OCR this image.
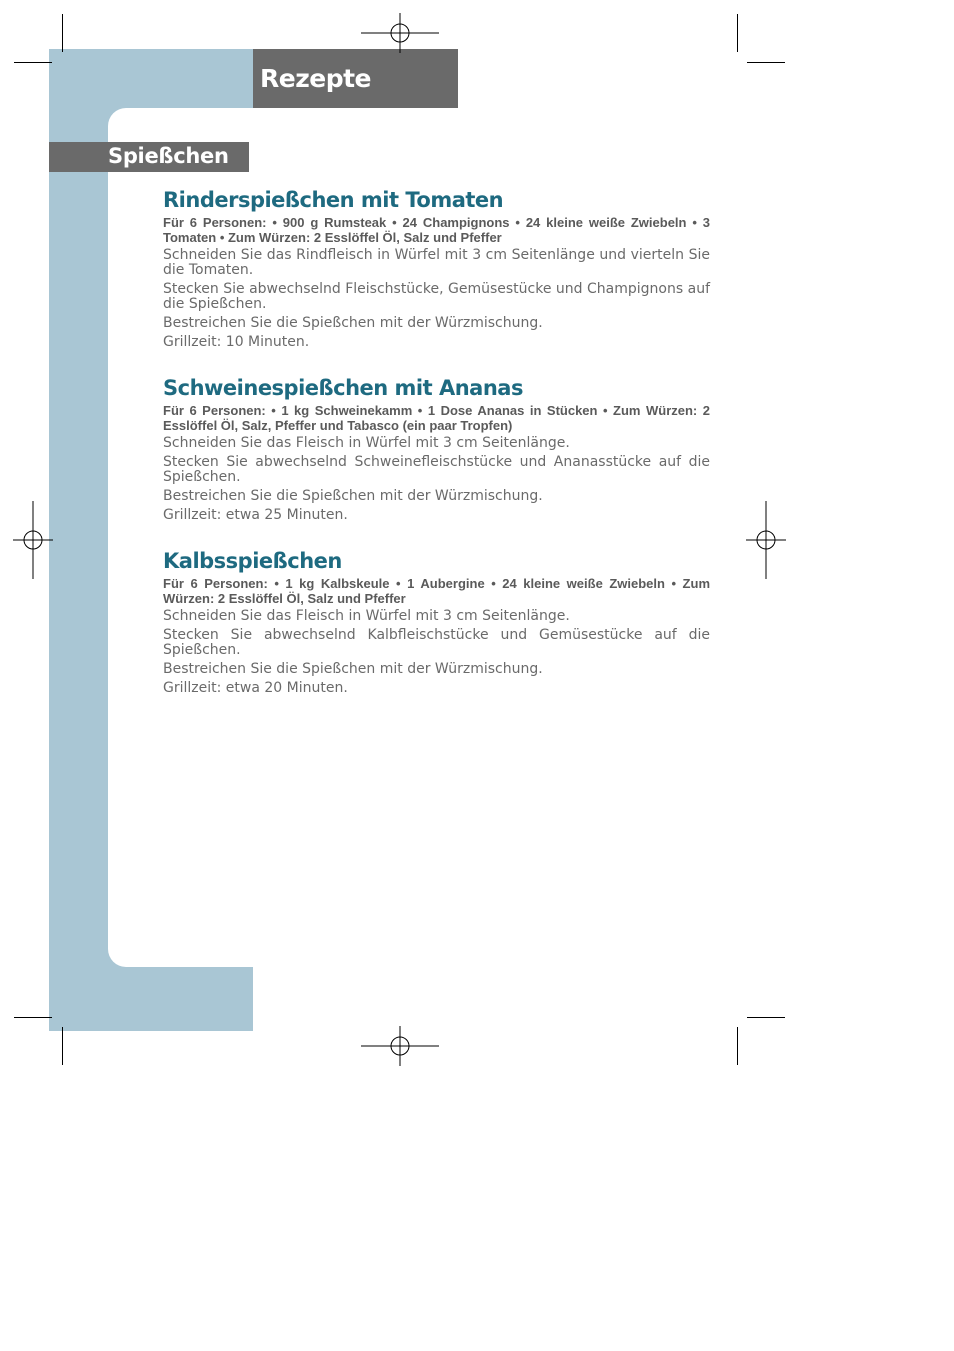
Rezepte
Spießchen
Rinderspießchen mit Tomaten
Für 6 Personen: • 900 g Rumsteak • 24 Champignons • 24 kleine weiße Zwiebeln • 3 Tomaten • Zum Würzen: 2 Esslöffel Öl, Salz und Pfeffer
Schneiden Sie das Rindfleisch in Würfel mit 3 cm Seitenlänge und vierteln Sie die Tomaten.
Stecken Sie abwechselnd Fleischstücke, Gemüsestücke und Champignons auf die Spießchen.
Bestreichen Sie die Spießchen mit der Würzmischung.
Grillzeit: 10 Minuten.
Schweinespießchen mit Ananas
Für 6 Personen: • 1 kg Schweinekamm • 1 Dose Ananas in Stücken • Zum Würzen: 2 Esslöffel Öl, Salz, Pfeffer und Tabasco (ein paar Tropfen)
Schneiden Sie das Fleisch in Würfel mit 3 cm Seitenlänge.
Stecken Sie abwechselnd Schweinefleischstücke und Ananasstücke auf die Spießchen.
Bestreichen Sie die Spießchen mit der Würzmischung.
Grillzeit: etwa 25 Minuten.
Kalbsspießchen
Für 6 Personen: • 1 kg Kalbskeule • 1 Aubergine • 24 kleine weiße Zwiebeln • Zum Würzen: 2 Esslöffel Öl, Salz und Pfeffer
Schneiden Sie das Fleisch in Würfel mit 3 cm Seitenlänge.
Stecken Sie abwechselnd Kalbfleischstücke und Gemüsestücke auf die Spießchen.
Bestreichen Sie die Spießchen mit der Würzmischung.
Grillzeit: etwa 20 Minuten.
